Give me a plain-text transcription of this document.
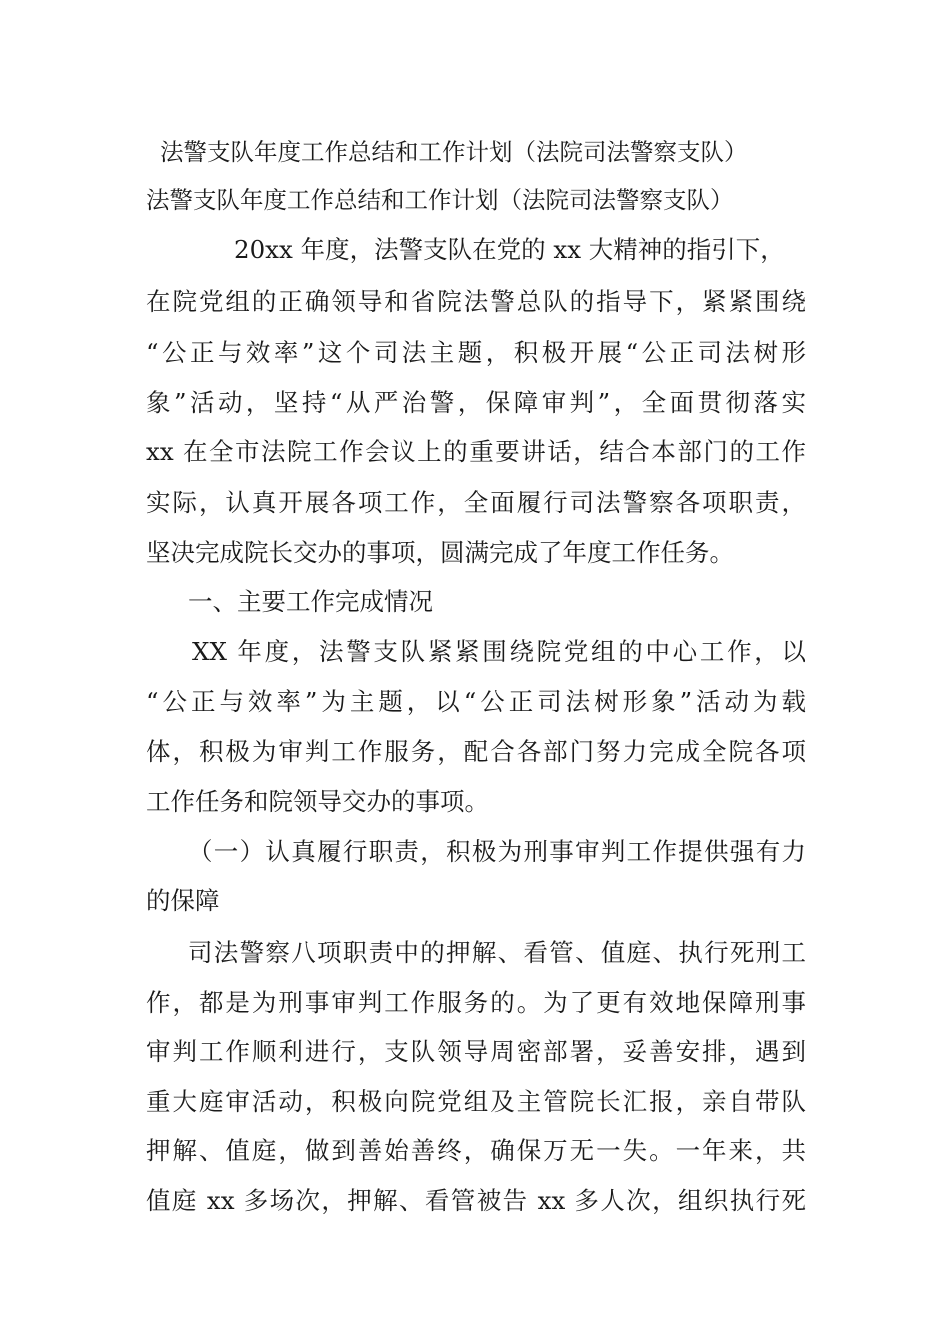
法警支队年度工作总结和工作计划（法院司法警察支队）
法警支队年度工作总结和工作计划（法院司法警察支队）
20xx 年度，法警支队在党的 xx 大精神的指引下，
在院党组的正确领导和省院法警总队的指导下，紧紧围绕
“公正与效率”这个司法主题，积极开展“公正司法树形
象”活动，坚持“从严治警，保障审判”，全面贯彻落实
xx 在全市法院工作会议上的重要讲话，结合本部门的工作
实际，认真开展各项工作，全面履行司法警察各项职责，
坚决完成院长交办的事项，圆满完成了年度工作任务。
一、主要工作完成情况
XX 年度，法警支队紧紧围绕院党组的中心工作，以
“公正与效率”为主题，以“公正司法树形象”活动为载
体，积极为审判工作服务，配合各部门努力完成全院各项
工作任务和院领导交办的事项。
（一）认真履行职责，积极为刑事审判工作提供强有力
的保障
司法警察八项职责中的押解、看管、值庭、执行死刑工
作，都是为刑事审判工作服务的。为了更有效地保障刑事
审判工作顺利进行，支队领导周密部署，妥善安排，遇到
重大庭审活动，积极向院党组及主管院长汇报，亲自带队
押解、值庭，做到善始善终，确保万无一失。一年来，共
值庭 xx 多场次，押解、看管被告 xx 多人次，组织执行死
